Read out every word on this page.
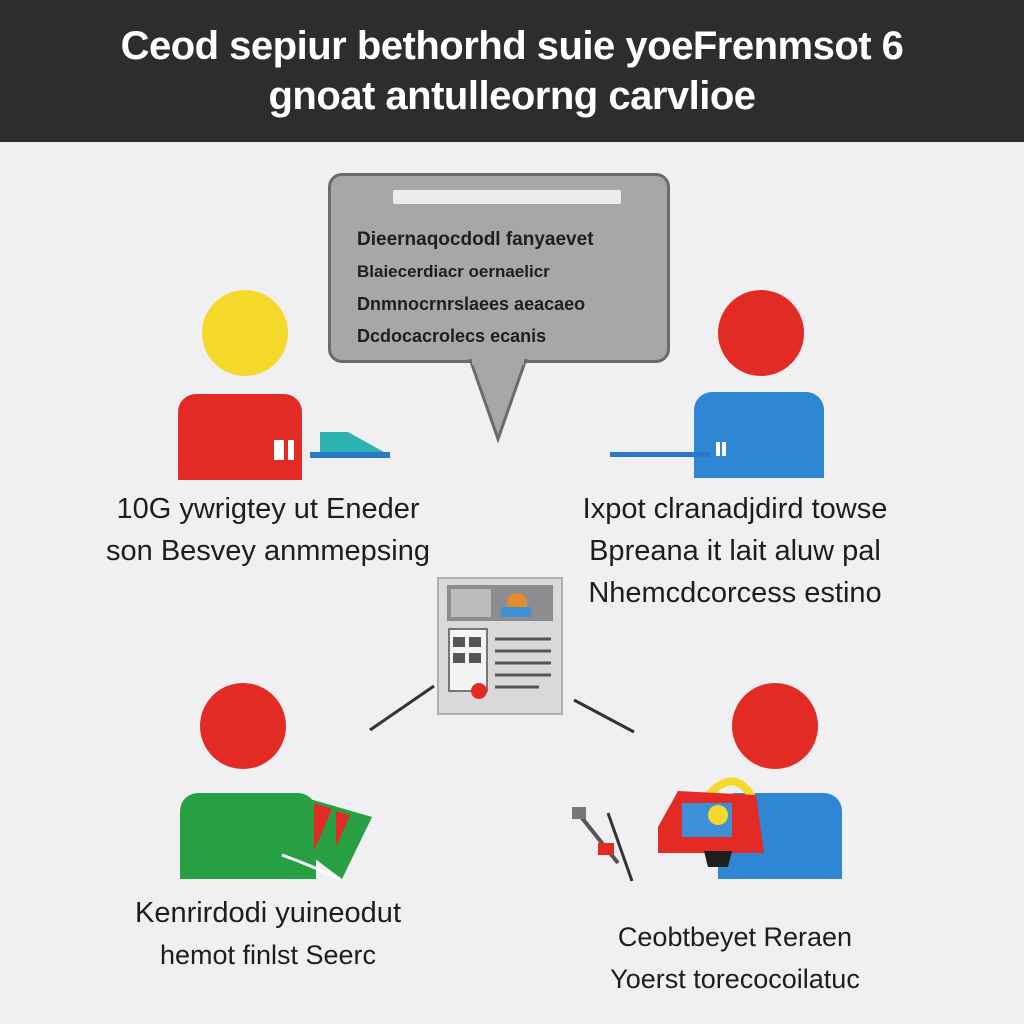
Ceod sepiur bethorhd suie yoeFrenmsot 6
gnoat antulleorng carvlioe
Dieernaqocdodl fanyaevet
Blaiecerdiacr oernaelicr
Dnmnocrnrslaees aeacaeo
Dcdocacrolecs ecanis
10G ywrigtey ut Eneder
son Besvey anmmepsing
Ixpot clranadjdird towse
Bpreana it lait aluw pal
Nhemcdcorcess estino
Kenrirdodi yuineodut
hemot finlst Seerc
Ceobtbeyet Reraen
Yoerst torecocoilatuc
